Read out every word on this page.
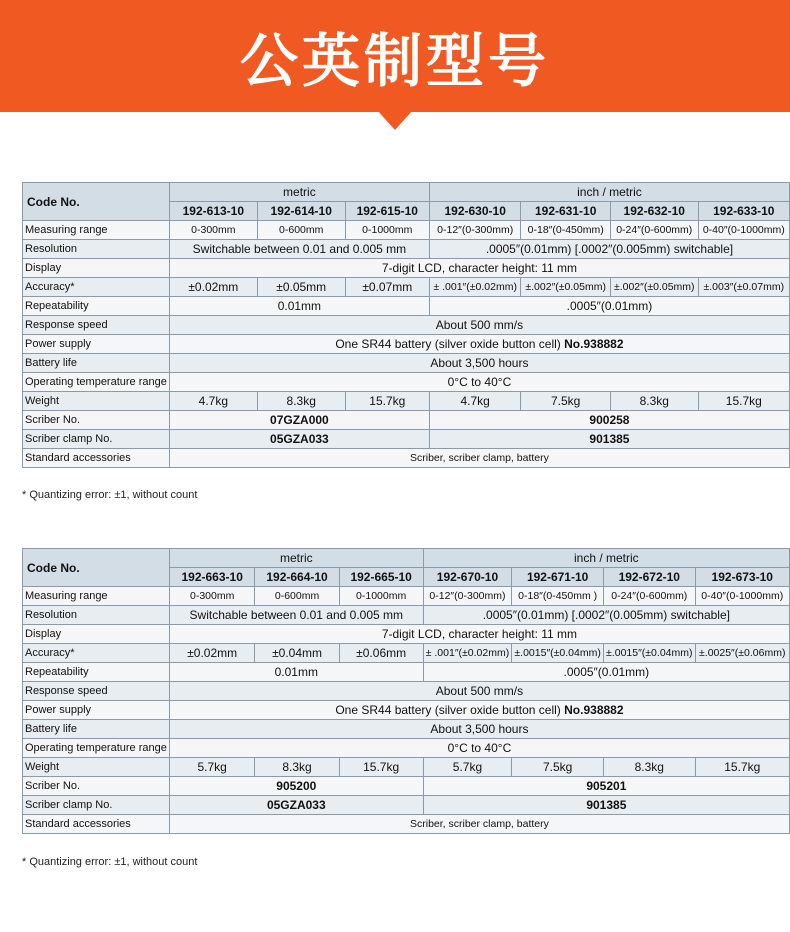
公英制型号
Code No.	metric			inch / metric			
	192-613-10	192-614-10	192-615-10	192-630-10	192-631-10	192-632-10	192-633-10
Measuring range	0-300mm	0-600mm	0-1000mm	0-12″(0-300mm)	0-18″(0-450mm)	0-24″(0-600mm)	0-40″(0-1000mm)
Resolution	Switchable between 0.01 and 0.005 mm			.0005″(0.01mm) [.0002″(0.005mm) switchable]			
Display	7-digit LCD, character height: 11 mm						
Accuracy*	±0.02mm	±0.05mm	±0.07mm	± .001″(±0.02mm)	±.002″(±0.05mm)	±.002″(±0.05mm)	±.003″(±0.07mm)
Repeatability	0.01mm			.0005″(0.01mm)			
Response speed	About 500 mm/s						
Power supply	One SR44 battery (silver oxide button cell) No.938882						
Battery life	About 3,500 hours						
Operating temperature range	0°C to 40°C						
Weight	4.7kg	8.3kg	15.7kg	4.7kg	7.5kg	8.3kg	15.7kg
Scriber No.	07GZA000			900258			
Scriber clamp No.	05GZA033			901385			
Standard accessories	Scriber, scriber clamp, battery						
* Quantizing error: ±1, without count
Code No.	metric			inch / metric			
	192-663-10	192-664-10	192-665-10	192-670-10	192-671-10	192-672-10	192-673-10
Measuring range	0-300mm	0-600mm	0-1000mm	0-12″(0-300mm)	0-18″(0-450mm )	0-24″(0-600mm)	0-40″(0-1000mm)
Resolution	Switchable between 0.01 and 0.005 mm			.0005″(0.01mm) [.0002″(0.005mm) switchable]			
Display	7-digit LCD, character height: 11 mm						
Accuracy*	±0.02mm	±0.04mm	±0.06mm	± .001″(±0.02mm)	±.0015″(±0.04mm)	±.0015″(±0.04mm)	±.0025″(±0.06mm)
Repeatability	0.01mm			.0005″(0.01mm)			
Response speed	About 500 mm/s						
Power supply	One SR44 battery (silver oxide button cell) No.938882						
Battery life	About 3,500 hours						
Operating temperature range	0°C to 40°C						
Weight	5.7kg	8.3kg	15.7kg	5.7kg	7.5kg	8.3kg	15.7kg
Scriber No.	905200			905201			
Scriber clamp No.	05GZA033			901385			
Standard accessories	Scriber, scriber clamp, battery						
* Quantizing error: ±1, without count
